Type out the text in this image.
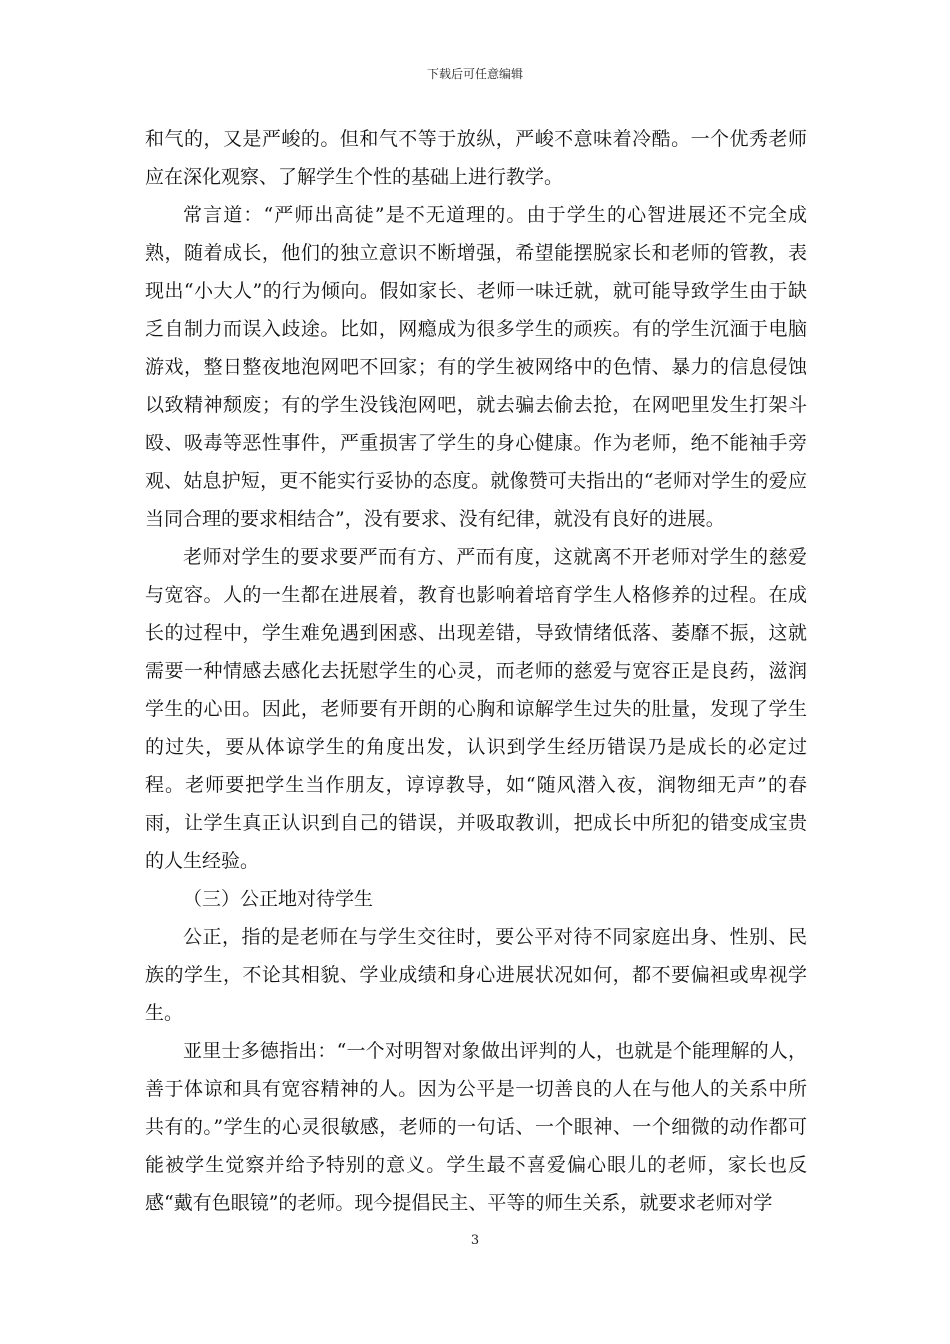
下载后可任意编辑

和气的，又是严峻的。但和气不等于放纵，严峻不意味着冷酷。一个优秀老师应在深化观察、了解学生个性的基础上进行教学。

常言道：“严师出高徒”是不无道理的。由于学生的心智进展还不完全成熟，随着成长，他们的独立意识不断增强，希望能摆脱家长和老师的管教，表现出“小大人”的行为倾向。假如家长、老师一味迁就，就可能导致学生由于缺乏自制力而误入歧途。比如，网瘾成为很多学生的顽疾。有的学生沉湎于电脑游戏，整日整夜地泡网吧不回家；有的学生被网络中的色情、暴力的信息侵蚀以致精神颓废；有的学生没钱泡网吧，就去骗去偷去抢，在网吧里发生打架斗殴、吸毒等恶性事件，严重损害了学生的身心健康。作为老师，绝不能袖手旁观、姑息护短，更不能实行妥协的态度。就像赞可夫指出的“老师对学生的爱应当同合理的要求相结合”，没有要求、没有纪律，就没有良好的进展。

老师对学生的要求要严而有方、严而有度，这就离不开老师对学生的慈爱与宽容。人的一生都在进展着，教育也影响着培育学生人格修养的过程。在成长的过程中，学生难免遇到困惑、出现差错，导致情绪低落、萎靡不振，这就需要一种情感去感化去抚慰学生的心灵，而老师的慈爱与宽容正是良药，滋润学生的心田。因此，老师要有开朗的心胸和谅解学生过失的肚量，发现了学生的过失，要从体谅学生的角度出发，认识到学生经历错误乃是成长的必定过程。老师要把学生当作朋友，谆谆教导，如“随风潜入夜，润物细无声”的春雨，让学生真正认识到自己的错误，并吸取教训，把成长中所犯的错变成宝贵的人生经验。

（三）公正地对待学生

公正，指的是老师在与学生交往时，要公平对待不同家庭出身、性别、民族的学生，不论其相貌、学业成绩和身心进展状况如何，都不要偏袒或卑视学生。

亚里士多德指出：“一个对明智对象做出评判的人，也就是个能理解的人，善于体谅和具有宽容精神的人。因为公平是一切善良的人在与他人的关系中所共有的。”学生的心灵很敏感，老师的一句话、一个眼神、一个细微的动作都可能被学生觉察并给予特别的意义。学生最不喜爱偏心眼儿的老师，家长也反感“戴有色眼镜”的老师。现今提倡民主、平等的师生关系，就要求老师对学

3
